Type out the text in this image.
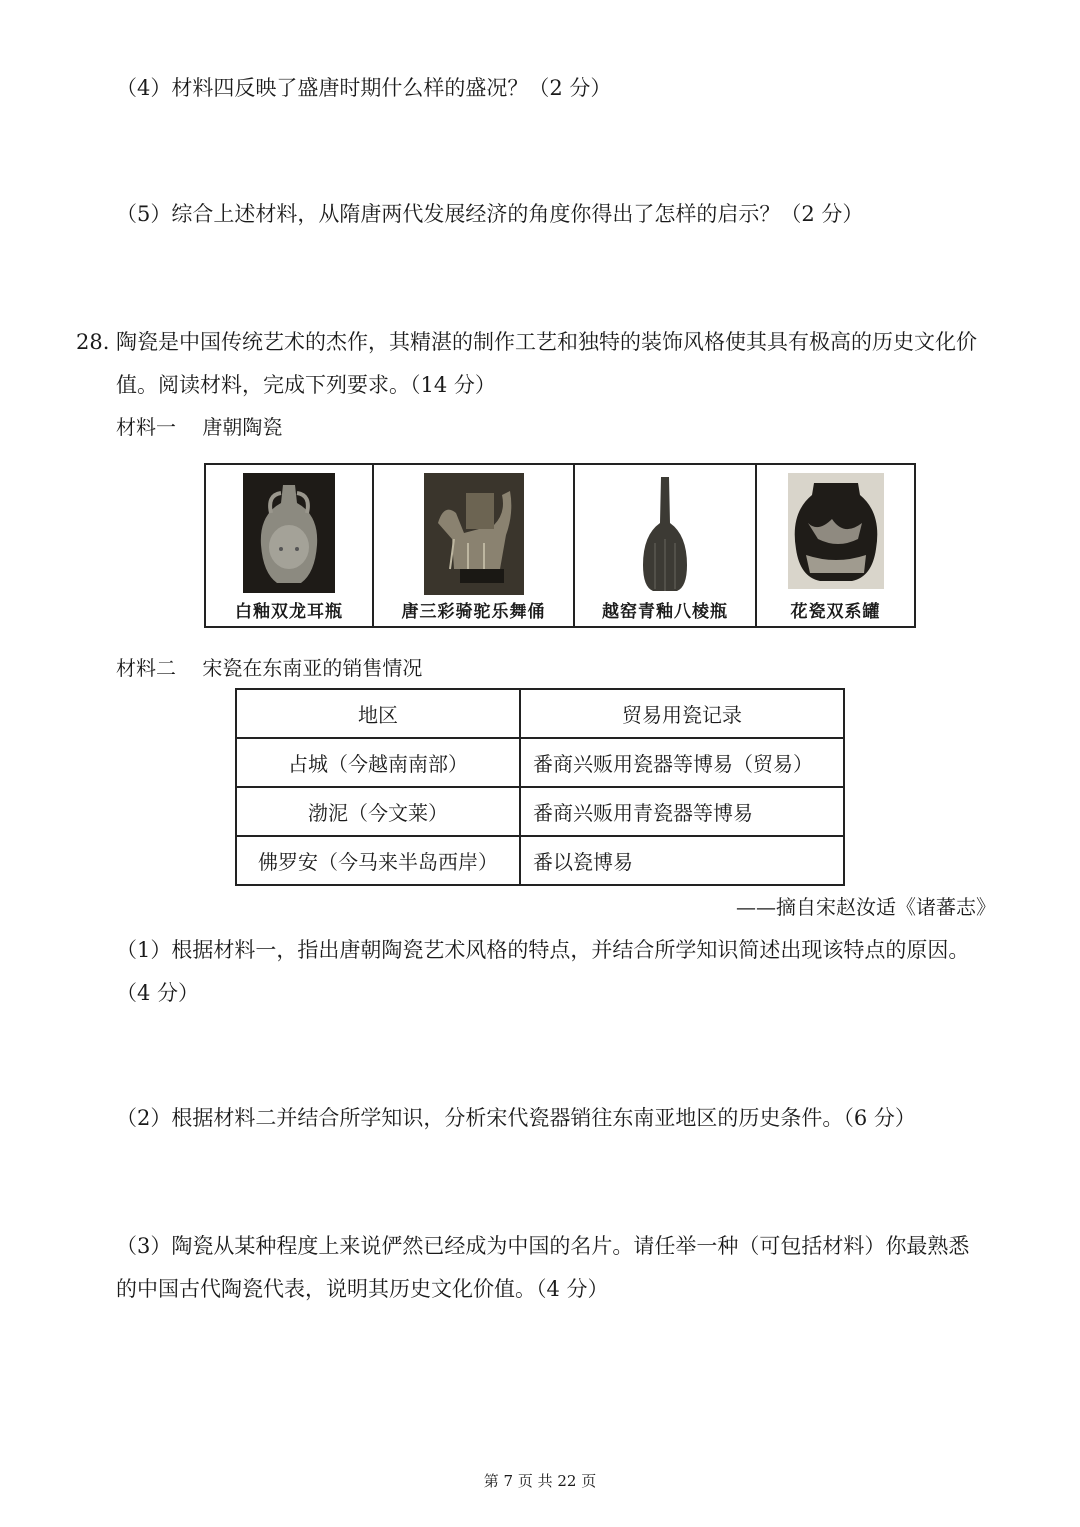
（4）材料四反映了盛唐时期什么样的盛况？（2 分）
（5）综合上述材料，从隋唐两代发展经济的角度你得出了怎样的启示？（2 分）
28. 陶瓷是中国传统艺术的杰作，其精湛的制作工艺和独特的装饰风格使其具有极高的历史文化价
值。阅读材料，完成下列要求。（14 分）
材料一　 唐朝陶瓷
白釉双龙耳瓶	唐三彩骑驼乐舞俑	越窑青釉八棱瓶	花瓷双系罐
材料二　 宋瓷在东南亚的销售情况
地区	贸易用瓷记录
占城（今越南南部）	番商兴贩用瓷器等博易（贸易）
渤泥（今文莱）	番商兴贩用青瓷器等博易
佛罗安（今马来半岛西岸）	番以瓷博易
——摘自宋赵汝适《诸蕃志》
（1）根据材料一，指出唐朝陶瓷艺术风格的特点，并结合所学知识简述出现该特点的原因。
（4 分）
（2）根据材料二并结合所学知识，分析宋代瓷器销往东南亚地区的历史条件。（6 分）
（3）陶瓷从某种程度上来说俨然已经成为中国的名片。请任举一种（可包括材料）你最熟悉
的中国古代陶瓷代表，说明其历史文化价值。（4 分）
第 7 页 共 22 页
